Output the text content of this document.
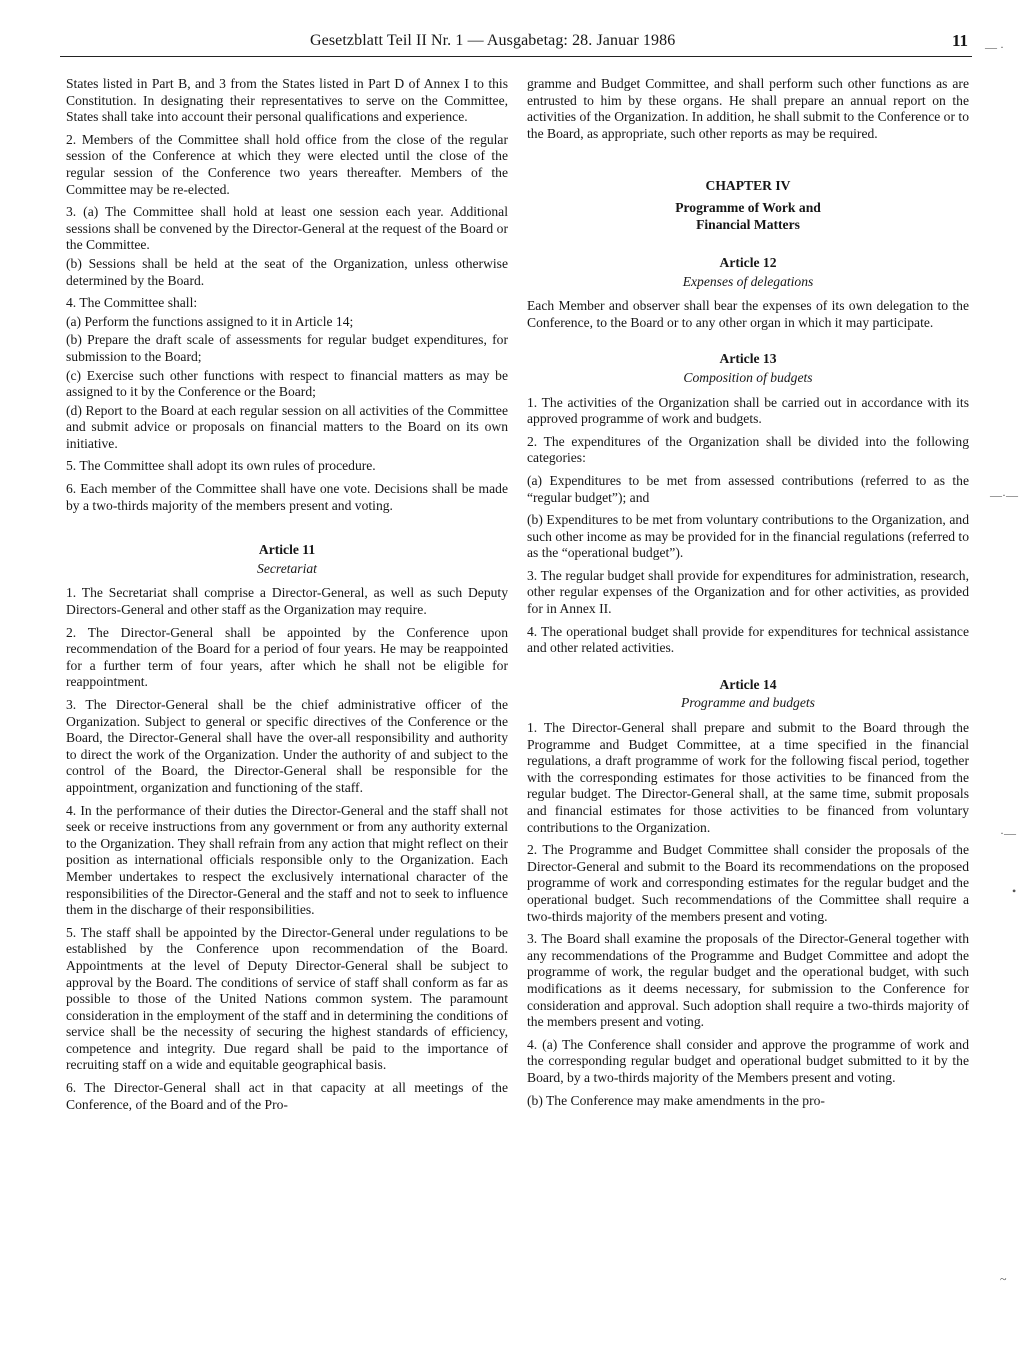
Gesetzblatt Teil II Nr. 1 — Ausgabetag: 28. Januar 1986	11

States listed in Part B, and 3 from the States listed in Part D of Annex I to this Constitution. In designating their representatives to serve on the Committee, States shall take into account their personal qualifications and experience.

2. Members of the Committee shall hold office from the close of the regular session of the Conference at which they were elected until the close of the regular session of the Conference two years thereafter. Members of the Committee may be re-elected.

3. (a) The Committee shall hold at least one session each year. Additional sessions shall be convened by the Director-General at the request of the Board or the Committee.

(b) Sessions shall be held at the seat of the Organization, unless otherwise determined by the Board.

4. The Committee shall:

(a) Perform the functions assigned to it in Article 14;

(b) Prepare the draft scale of assessments for regular budget expenditures, for submission to the Board;

(c) Exercise such other functions with respect to financial matters as may be assigned to it by the Conference or the Board;

(d) Report to the Board at each regular session on all activities of the Committee and submit advice or proposals on financial matters to the Board on its own initiative.

5. The Committee shall adopt its own rules of procedure.

6. Each member of the Committee shall have one vote. Decisions shall be made by a two-thirds majority of the members present and voting.

Article 11

Secretariat

1. The Secretariat shall comprise a Director-General, as well as such Deputy Directors-General and other staff as the Organization may require.

2. The Director-General shall be appointed by the Conference upon recommendation of the Board for a period of four years. He may be reappointed for a further term of four years, after which he shall not be eligible for reappointment.

3. The Director-General shall be the chief administrative officer of the Organization. Subject to general or specific directives of the Conference or the Board, the Director-General shall have the over-all responsibility and authority to direct the work of the Organization. Under the authority of and subject to the control of the Board, the Director-General shall be responsible for the appointment, organization and functioning of the staff.

4. In the performance of their duties the Director-General and the staff shall not seek or receive instructions from any government or from any authority external to the Organization. They shall refrain from any action that might reflect on their position as international officials responsible only to the Organization. Each Member undertakes to respect the exclusively international character of the responsibilities of the Director-General and the staff and not to seek to influence them in the discharge of their responsibilities.

5. The staff shall be appointed by the Director-General under regulations to be established by the Conference upon recommendation of the Board. Appointments at the level of Deputy Director-General shall be subject to approval by the Board. The conditions of service of staff shall conform as far as possible to those of the United Nations common system. The paramount consideration in the employment of the staff and in determining the conditions of service shall be the necessity of securing the highest standards of efficiency, competence and integrity. Due regard shall be paid to the importance of recruiting staff on a wide and equitable geographical basis.

6. The Director-General shall act in that capacity at all meetings of the Conference, of the Board and of the Pro-

gramme and Budget Committee, and shall perform such other functions as are entrusted to him by these organs. He shall prepare an annual report on the activities of the Organization. In addition, he shall submit to the Conference or to the Board, as appropriate, such other reports as may be required.

CHAPTER IV

Programme of Work and

Financial Matters

Article 12

Expenses of delegations

Each Member and observer shall bear the expenses of its own delegation to the Conference, to the Board or to any other organ in which it may participate.

Article 13

Composition of budgets

1. The activities of the Organization shall be carried out in accordance with its approved programme of work and budgets.

2. The expenditures of the Organization shall be divided into the following categories:

(a) Expenditures to be met from assessed contributions (referred to as the “regular budget”); and

(b) Expenditures to be met from voluntary contributions to the Organization, and such other income as may be provided for in the financial regulations (referred to as the “operational budget”).

3. The regular budget shall provide for expenditures for administration, research, other regular expenses of the Organization and for other activities, as provided for in Annex II.

4. The operational budget shall provide for expenditures for technical assistance and other related activities.

Article 14

Programme and budgets

1. The Director-General shall prepare and submit to the Board through the Programme and Budget Committee, at a time specified in the financial regulations, a draft programme of work for the following fiscal period, together with the corresponding estimates for those activities to be financed from the regular budget. The Director-General shall, at the same time, submit proposals and financial estimates for those activities to be financed from voluntary contributions to the Organization.

2. The Programme and Budget Committee shall consider the proposals of the Director-General and submit to the Board its recommendations on the proposed programme of work and corresponding estimates for the regular budget and the operational budget. Such recommendations of the Committee shall require a two-thirds majority of the members present and voting.

3. The Board shall examine the proposals of the Director-General together with any recommendations of the Programme and Budget Committee and adopt the programme of work, the regular budget and the operational budget, with such modifications as it deems necessary, for submission to the Conference for consideration and approval. Such adoption shall require a two-thirds majority of the members present and voting.

4. (a) The Conference shall consider and approve the programme of work and the corresponding regular budget and operational budget submitted to it by the Board, by a two-thirds majority of the Members present and voting.

(b) The Conference may make amendments in the pro-

— ·
—·—
·—
•
~
